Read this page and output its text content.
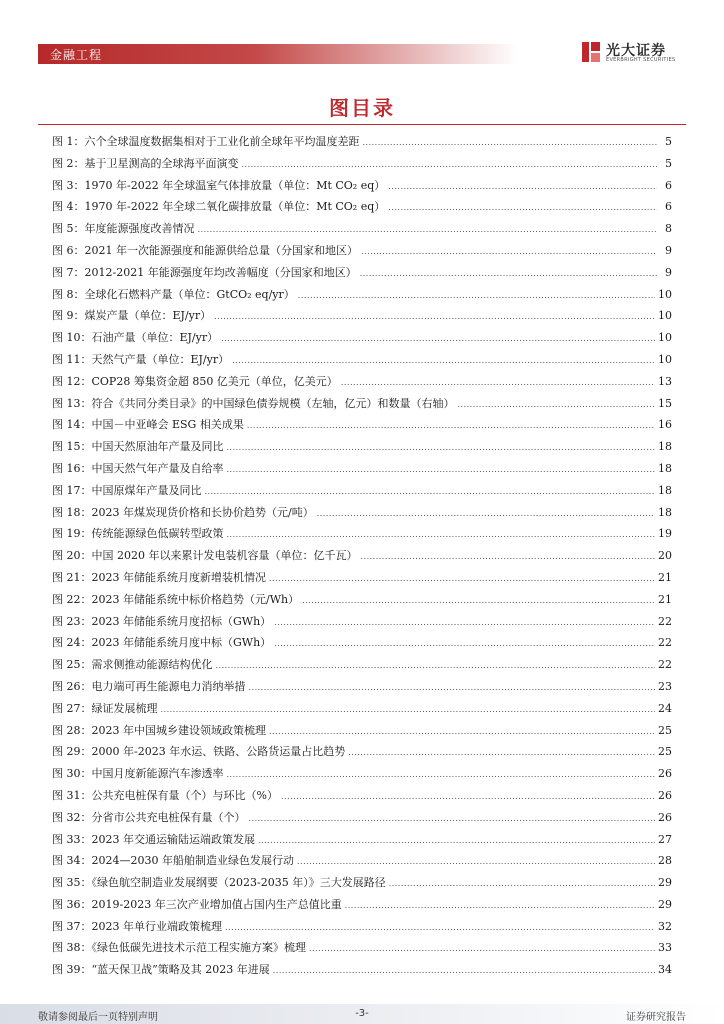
金融工程	光大证券
EVERBRIGHT SECURITIES
图目录
图 1：六个全球温度数据集相对于工业化前全球年平均温度差距 .....	5
图 2：基于卫星测高的全球海平面演变 .....	5
图 3：1970 年-2022 年全球温室气体排放量（单位：Mt CO₂ eq） .....	6
图 4：1970 年-2022 年全球二氧化碳排放量（单位：Mt CO₂ eq） .....	6
图 5：年度能源强度改善情况 .....	8
图 6：2021 年一次能源强度和能源供给总量（分国家和地区） .....	9
图 7：2012-2021 年能源强度年均改善幅度（分国家和地区） .....	9
图 8：全球化石燃料产量（单位：GtCO₂ eq/yr） .....	10
图 9：煤炭产量（单位：EJ/yr） .....	10
图 10：石油产量（单位：EJ/yr） .....	10
图 11：天然气产量（单位：EJ/yr） .....	10
图 12：COP28 筹集资金超 850 亿美元（单位，亿美元） .....	13
图 13：符合《共同分类目录》的中国绿色债券规模（左轴，亿元）和数量（右轴） .....	15
图 14：中国－中亚峰会 ESG 相关成果 .....	16
图 15：中国天然原油年产量及同比 .....	18
图 16：中国天然气年产量及自给率 .....	18
图 17：中国原煤年产量及同比 .....	18
图 18：2023 年煤炭现货价格和长协价趋势（元/吨） .....	18
图 19：传统能源绿色低碳转型政策 .....	19
图 20：中国 2020 年以来累计发电装机容量（单位：亿千瓦） .....	20
图 21：2023 年储能系统月度新增装机情况 .....	21
图 22：2023 年储能系统中标价格趋势（元/Wh） .....	21
图 23：2023 年储能系统月度招标（GWh） .....	22
图 24：2023 年储能系统月度中标（GWh） .....	22
图 25：需求侧推动能源结构优化 .....	22
图 26：电力端可再生能源电力消纳举措 .....	23
图 27：绿证发展梳理 .....	24
图 28：2023 年中国城乡建设领域政策梳理 .....	25
图 29：2000 年-2023 年水运、铁路、公路货运量占比趋势 .....	25
图 30：中国月度新能源汽车渗透率 .....	26
图 31：公共充电桩保有量（个）与环比（%） .....	26
图 32：分省市公共充电桩保有量（个） .....	26
图 33：2023 年交通运输陆运端政策发展 .....	27
图 34：2024—2030 年船舶制造业绿色发展行动 .....	28
图 35：《绿色航空制造业发展纲要（2023-2035 年）》三大发展路径 .....	29
图 36：2019-2023 年三次产业增加值占国内生产总值比重 .....	29
图 37：2023 年单行业端政策梳理 .....	32
图 38：《绿色低碳先进技术示范工程实施方案》梳理 .....	33
图 39：“蓝天保卫战”策略及其 2023 年进展 .....	34
敬请参阅最后一页特别声明	-3-	证券研究报告
